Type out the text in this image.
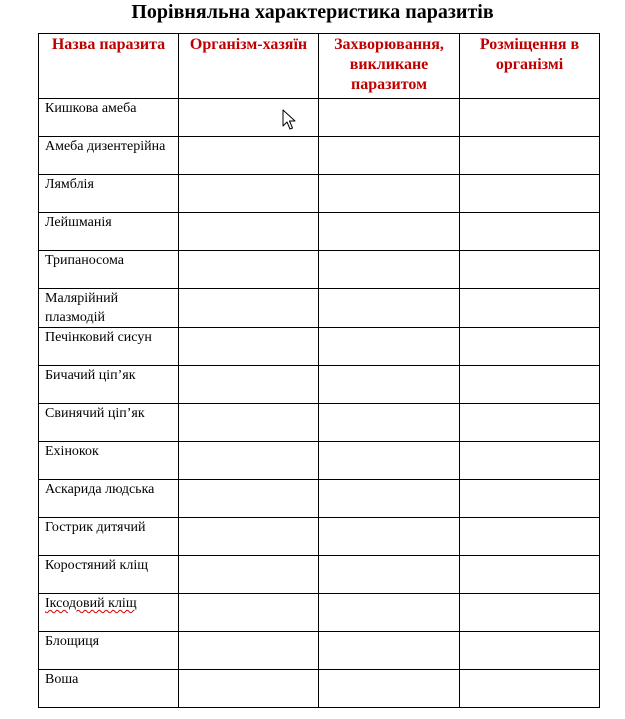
Порівняльна характеристика паразитів
Назва паразита	Організм-хазяїн	Захворювання, викликане паразитом	Розміщення в організмі
Кишкова амеба			
Амеба дизентерійна			
Лямблія			
Лейшманія			
Трипаносома			
Малярійний плазмодій			
Печінковий сисун			
Бичачий ціп’як			
Свинячий ціп’як			
Ехінокок			
Аскарида людська			
Гострик дитячий			
Коростяний кліщ			
Іксодовий кліщ			
Блощиця			
Воша			
